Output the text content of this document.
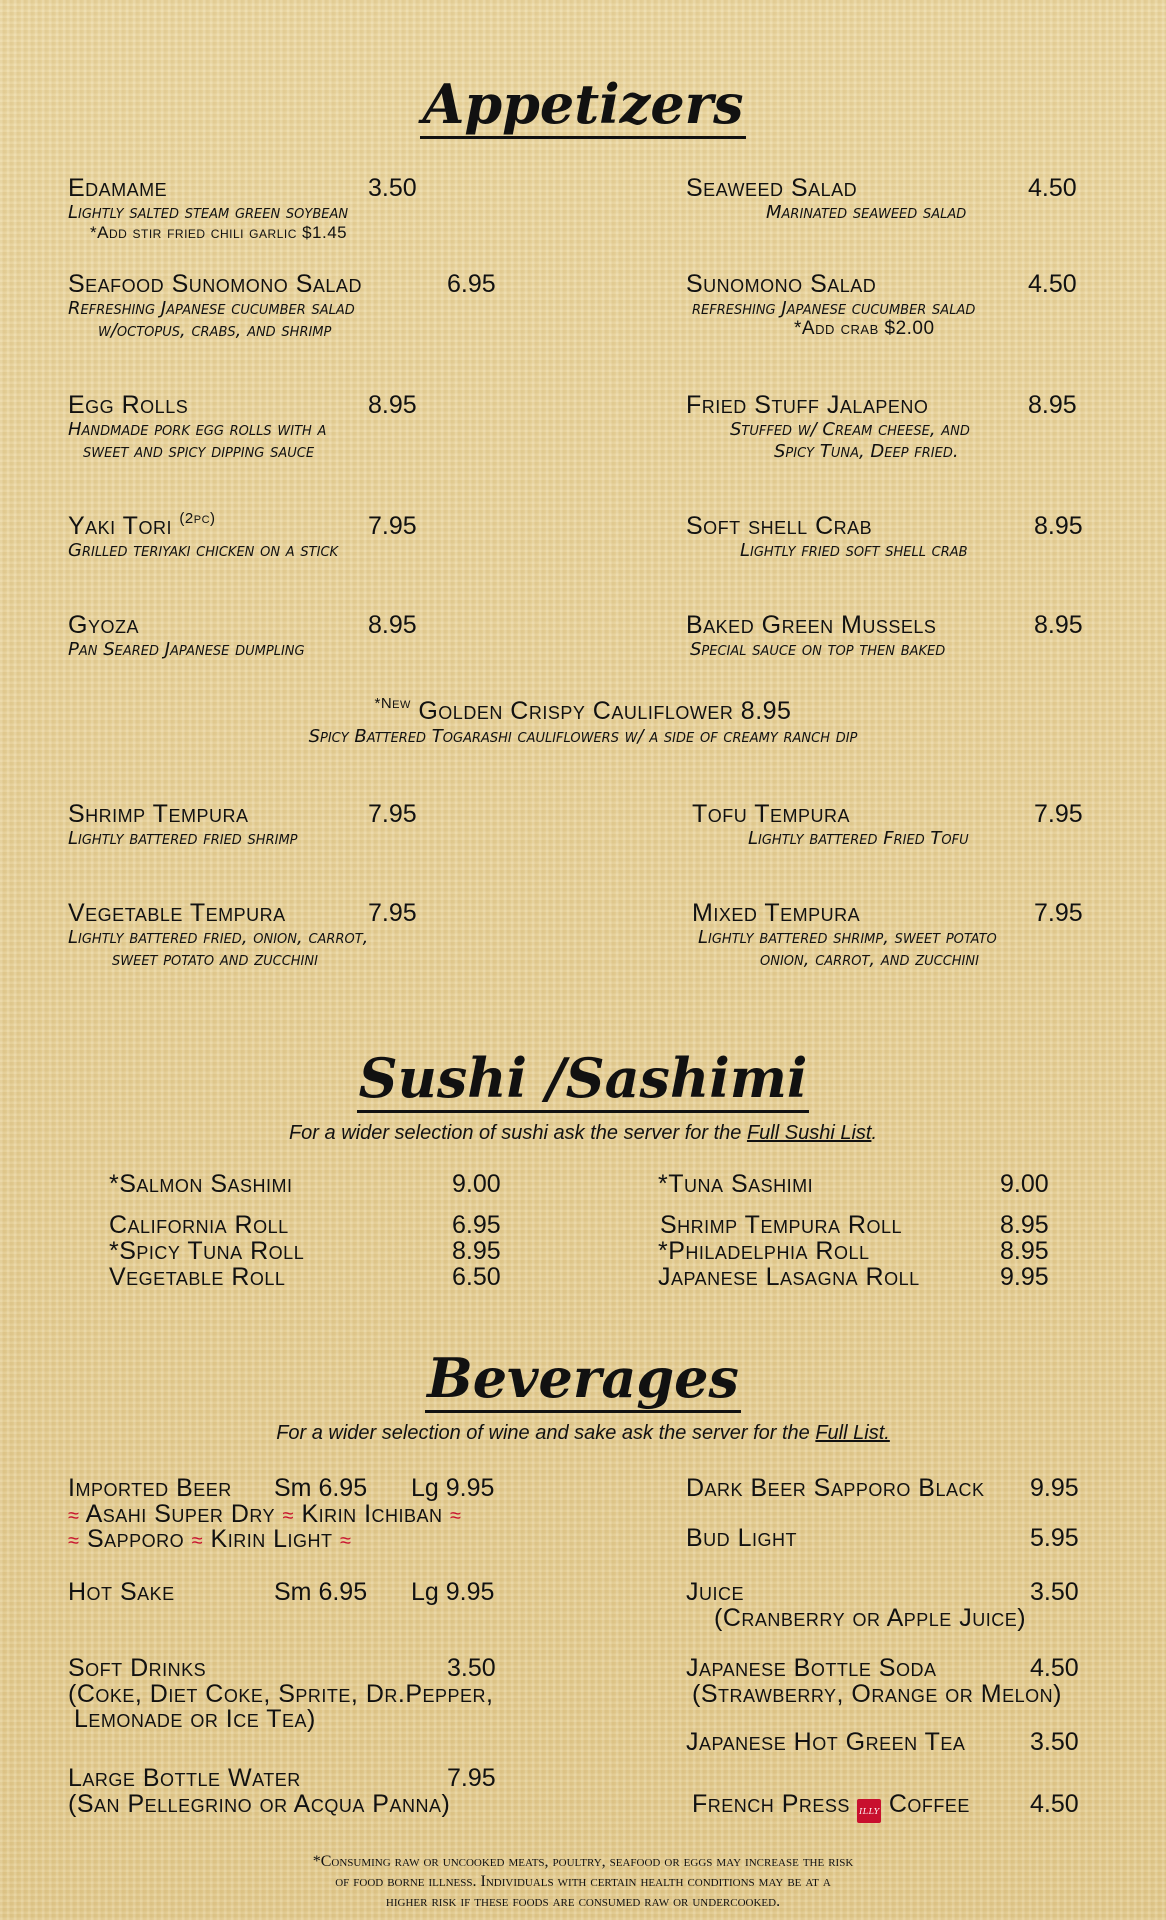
Appetizers
Edamame	3.50
Lightly salted steam green soybean
*Add stir fried chili garlic $1.45
Seafood Sunomono Salad	6.95
Refreshing Japanese cucumber salad
w/octopus, crabs, and shrimp
Egg Rolls	8.95
Handmade pork egg rolls with a
sweet and spicy dipping sauce
Yaki Tori $^{(2pc)}$	7.95
Grilled teriyaki chicken on a stick
Gyoza	8.95
Pan Seared Japanese dumpling
Seaweed Salad	4.50
Marinated seaweed salad
Sunomono Salad	4.50
refreshing Japanese cucumber salad
*Add crab $2.00
Fried Stuff Jalapeno	8.95
Stuffed w/ Cream cheese, and
Spicy Tuna, Deep fried.
Soft shell Crab	8.95
Lightly fried soft shell crab
Baked Green Mussels	8.95
Special sauce on top then baked
$^{*New}$ Golden Crispy Cauliflower 8.95
Spicy Battered Togarashi cauliflowers w/ a side of creamy ranch dip
Shrimp Tempura	7.95
Lightly battered fried shrimp
Tofu Tempura	7.95
Lightly battered Fried Tofu
Vegetable Tempura	7.95
Lightly battered fried, onion, carrot,
sweet potato and zucchini
Mixed Tempura	7.95
Lightly battered shrimp, sweet potato
onion, carrot, and zucchini
Sushi /Sashimi
For a wider selection of sushi ask the server for the Full Sushi List.
*Salmon Sashimi	9.00
California Roll	6.95
*Spicy Tuna Roll	8.95
Vegetable Roll	6.50
*Tuna Sashimi	9.00
Shrimp Tempura Roll	8.95
*Philadelphia Roll	8.95
Japanese Lasagna Roll	9.95
Beverages
For a wider selection of wine and sake ask the server for the Full List.
Imported Beer Sm 6.95 Lg 9.95
≈ Asahi Super Dry ≈ Kirin Ichiban ≈
≈ Sapporo ≈ Kirin Light ≈
Hot Sake	Sm 6.95 Lg 9.95
Soft Drinks	3.50
(Coke, Diet Coke, Sprite, Dr.Pepper,
Lemonade or Ice Tea)
Large Bottle Water	7.95
(San Pellegrino or Acqua Panna)
Dark Beer Sapporo Black 9.95
Bud Light	5.95
Juice	3.50
(Cranberry or Apple Juice)
Japanese Bottle Soda	4.50
(Strawberry, Orange or Melon)
Japanese Hot Green Tea	3.50
French Press illy Coffee 4.50
*Consuming raw or uncooked meats, poultry, seafood or eggs may increase the risk
of food borne illness. Individuals with certain health conditions may be at a
higher risk if these foods are consumed raw or undercooked.
